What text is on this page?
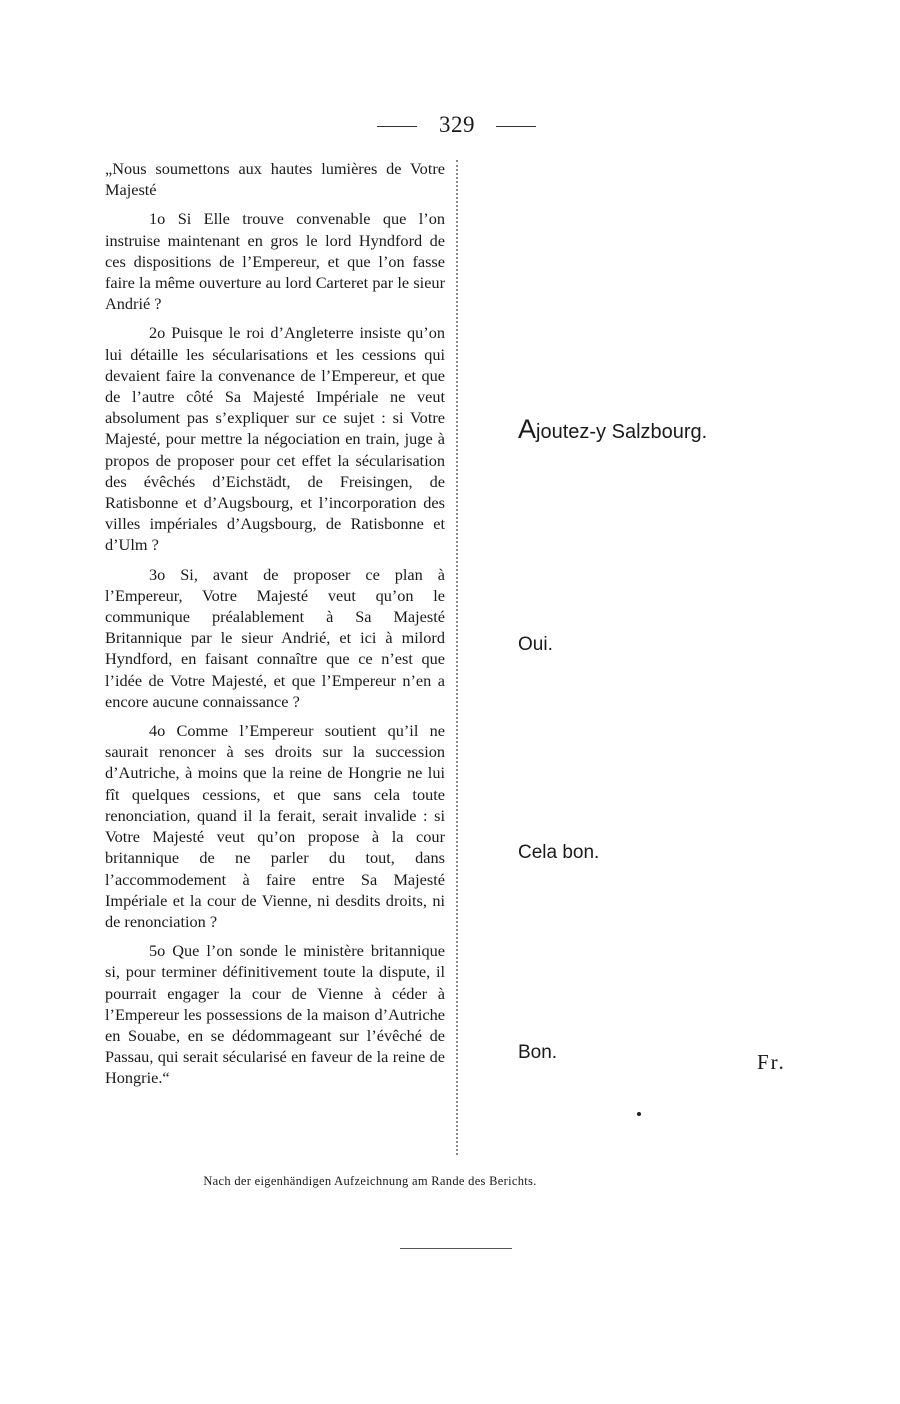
329

„Nous soumettons aux hautes lumières de Votre Majesté

1o Si Elle trouve convenable que l’on instruise maintenant en gros le lord Hyndford de ces dispositions de l’Empereur, et que l’on fasse faire la même ouverture au lord Carteret par le sieur Andrié ?

2o Puisque le roi d’Angleterre insiste qu’on lui détaille les sécularisations et les cessions qui devaient faire la convenance de l’Empereur, et que de l’autre côté Sa Majesté Impériale ne veut absolument pas s’expliquer sur ce sujet : si Votre Majesté, pour mettre la négociation en train, juge à propos de proposer pour cet effet la sécularisation des évêchés d’Eichstädt, de Freisingen, de Ratisbonne et d’Augsbourg, et l’incorporation des villes impériales d’Augsbourg, de Ratisbonne et d’Ulm ?

3o Si, avant de proposer ce plan à l’Empereur, Votre Majesté veut qu’on le communique préalablement à Sa Majesté Britannique par le sieur Andrié, et ici à milord Hyndford, en faisant connaître que ce n’est que l’idée de Votre Majesté, et que l’Empereur n’en a encore aucune connaissance ?

4o Comme l’Empereur soutient qu’il ne saurait renoncer à ses droits sur la succession d’Autriche, à moins que la reine de Hongrie ne lui fît quelques cessions, et que sans cela toute renonciation, quand il la ferait, serait invalide : si Votre Majesté veut qu’on propose à la cour britannique de ne parler du tout, dans l’accommodement à faire entre Sa Majesté Impériale et la cour de Vienne, ni desdits droits, ni de renonciation ?

5o Que l’on sonde le ministère britannique si, pour terminer définitivement toute la dispute, il pourrait engager la cour de Vienne à céder à l’Empereur les possessions de la maison d’Autriche en Souabe, en se dédommageant sur l’évêché de Passau, qui serait sécularisé en faveur de la reine de Hongrie.“

Ajoutez-y Salzbourg.
Oui.
Cela bon.
Bon.	Fr.
Nach der eigenhändigen Aufzeichnung am Rande des Berichts.
